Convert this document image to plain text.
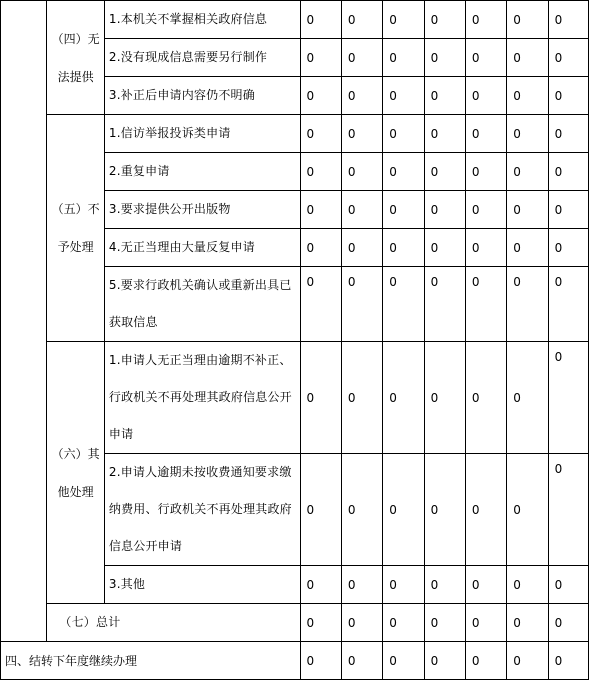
	（四）无法提供	1.本机关不掌握相关政府信息	0	0	0	0	0	0	0
		2.没有现成信息需要另行制作	0	0	0	0	0	0	0
		3.补正后申请内容仍不明确	0	0	0	0	0	0	0
	（五）不予处理	1.信访举报投诉类申请	0	0	0	0	0	0	0
		2.重复申请	0	0	0	0	0	0	0
		3.要求提供公开出版物	0	0	0	0	0	0	0
		4.无正当理由大量反复申请	0	0	0	0	0	0	0
		5.要求行政机关确认或重新出具已获取信息	0	0	0	0	0	0	0
	（六）其他处理	1.申请人无正当理由逾期不补正、行政机关不再处理其政府信息公开申请	0	0	0	0	0	0	0
		2.申请人逾期未按收费通知要求缴纳费用、行政机关不再处理其政府信息公开申请	0	0	0	0	0	0	0
		3.其他	0	0	0	0	0	0	0
	（七）总计		0	0	0	0	0	0	0
四、结转下年度继续办理			0	0	0	0	0	0	0
